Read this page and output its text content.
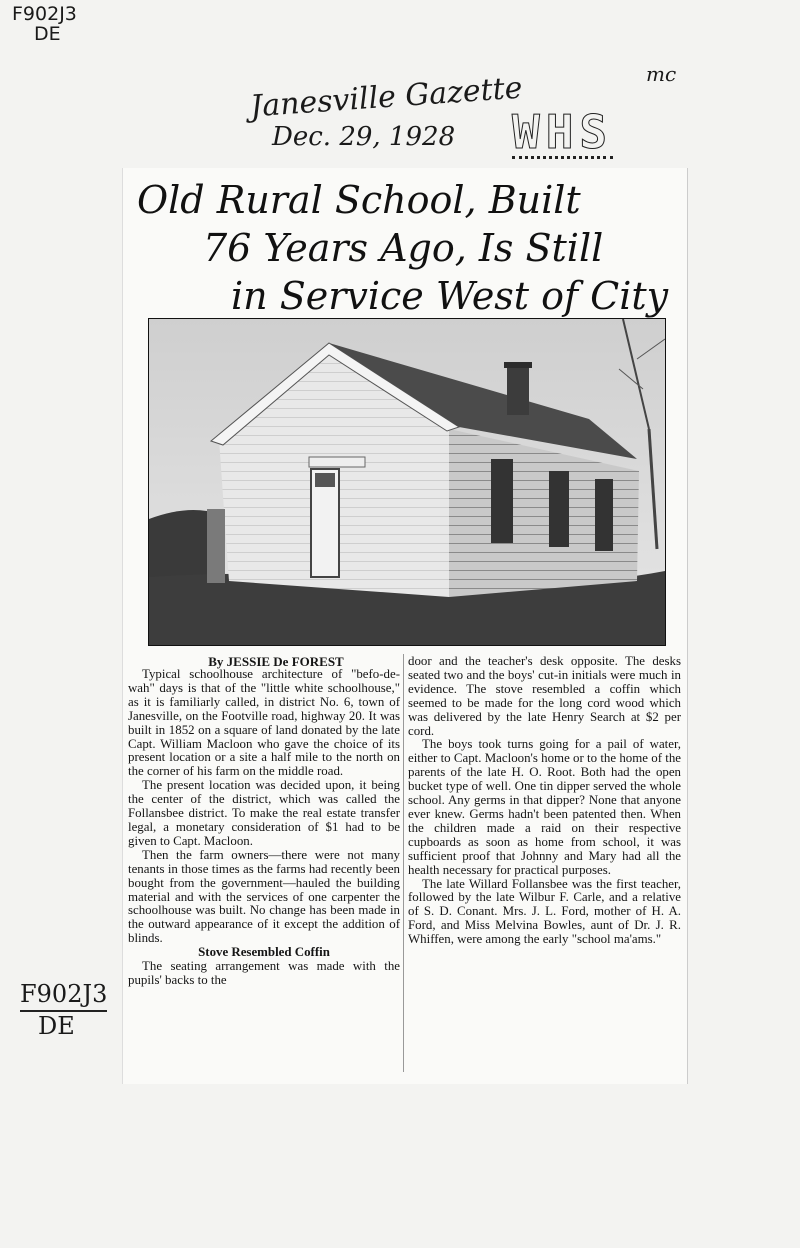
F902J3
DE
Janesville Gazette
Dec. 29, 1928
mc
WHS
F902J3
DE
Old Rural School, Built
76 Years Ago, Is Still
in Service West of City

By JESSIE De FOREST

Typical schoolhouse architecture of "befo-de-wah" days is that of the "little white schoolhouse," as it is familiarly called, in district No. 6, town of Janesville, on the Footville road, highway 20. It was built in 1852 on a square of land donated by the late Capt. William Macloon who gave the choice of its present location or a site a half mile to the north on the corner of his farm on the middle road.

The present location was decided upon, it being the center of the district, which was called the Follansbee district. To make the real estate transfer legal, a monetary consideration of $1 had to be given to Capt. Macloon.

Then the farm owners—there were not many tenants in those times as the farms had recently been bought from the government—hauled the building material and with the services of one carpenter the schoolhouse was built. No change has been made in the outward appearance of it except the addition of blinds.

Stove Resembled Coffin

The seating arrangement was made with the pupils' backs to the

door and the teacher's desk opposite. The desks seated two and the boys' cut-in initials were much in evidence. The stove resembled a coffin which seemed to be made for the long cord wood which was delivered by the late Henry Search at $2 per cord.

The boys took turns going for a pail of water, either to Capt. Macloon's home or to the home of the parents of the late H. O. Root. Both had the open bucket type of well. One tin dipper served the whole school. Any germs in that dipper? None that anyone ever knew. Germs hadn't been patented then. When the children made a raid on their respective cupboards as soon as home from school, it was sufficient proof that Johnny and Mary had all the health necessary for practical purposes.

The late Willard Follansbee was the first teacher, followed by the late Wilbur F. Carle, and a relative of S. D. Conant. Mrs. J. L. Ford, mother of H. A. Ford, and Miss Melvina Bowles, aunt of Dr. J. R. Whiffen, were among the early "school ma'ams."
